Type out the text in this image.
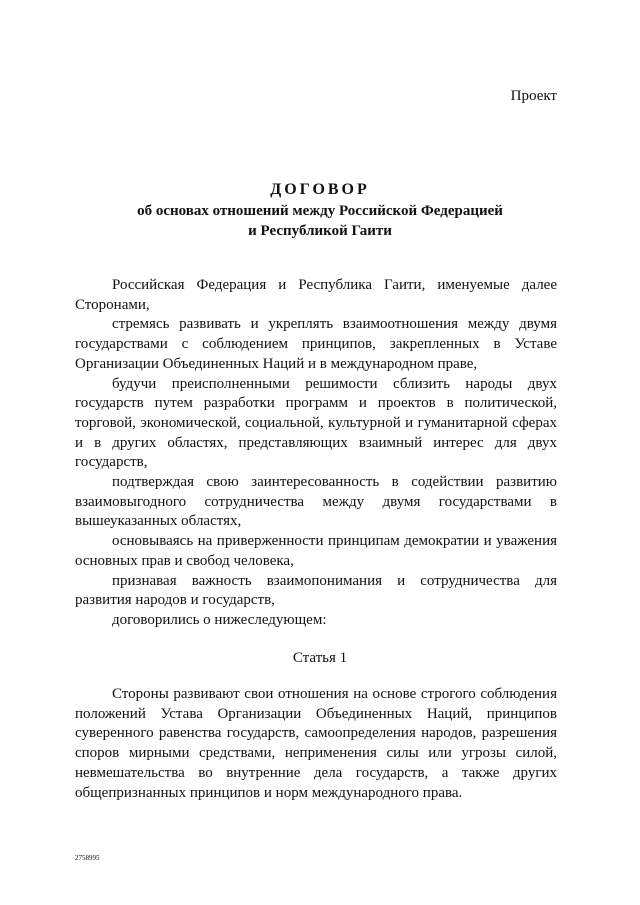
Проект
ДОГОВОР
об основах отношений между Российской Федерацией
и Республикой Гаити

Российская Федерация и Республика Гаити, именуемые далее Сторонами,

стремясь развивать и укреплять взаимоотношения между двумя государствами с соблюдением принципов, закрепленных в Уставе Организации Объединенных Наций и в международном праве,

будучи преисполненными решимости сблизить народы двух государств путем разработки программ и проектов в политической, торговой, экономической, социальной, культурной и гуманитарной сферах и в других областях, представляющих взаимный интерес для двух государств,

подтверждая свою заинтересованность в содействии развитию взаимовыгодного сотрудничества между двумя государствами в вышеуказанных областях,

основываясь на приверженности принципам демократии и уважения основных прав и свобод человека,

признавая важность взаимопонимания и сотрудничества для развития народов и государств,

договорились о нижеследующем:

Статья 1

Стороны развивают свои отношения на основе строгого соблюдения положений Устава Организации Объединенных Наций, принципов суверенного равенства государств, самоопределения народов, разрешения споров мирными средствами, неприменения силы или угрозы силой, невмешательства во внутренние дела государств, а также других общепризнанных принципов и норм международного права.

2758995
